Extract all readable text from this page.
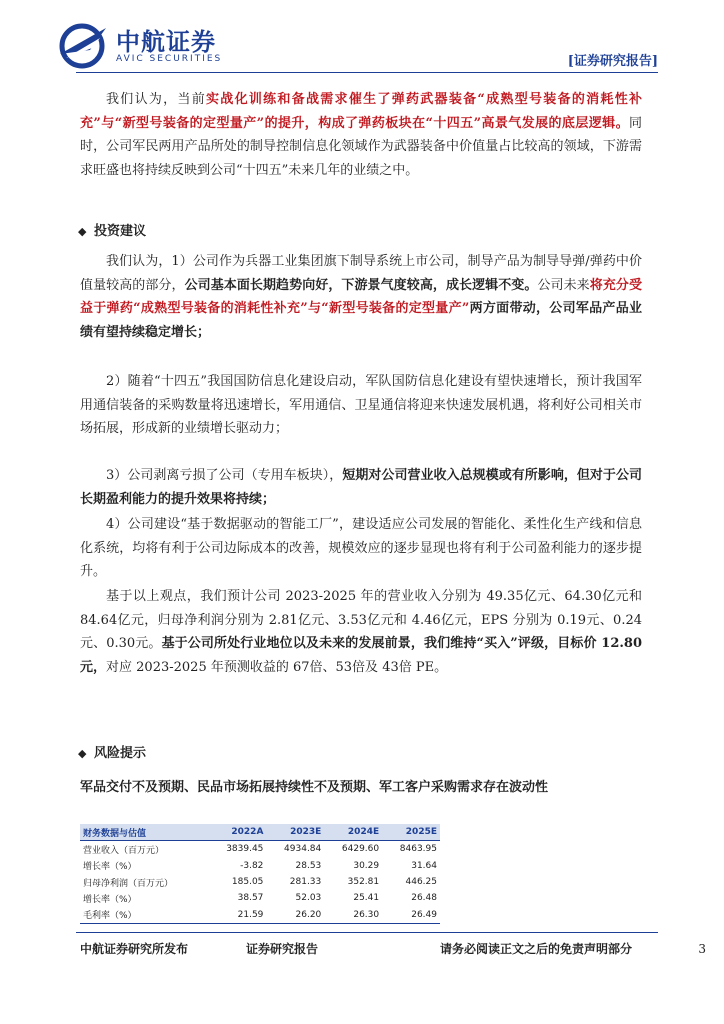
中航证券
AVIC SECURITIES	[证券研究报告]

我们认为，当前实战化训练和备战需求催生了弹药武器装备“成熟型号装备的消耗性补充”与“新型号装备的定型量产”的提升，构成了弹药板块在“十四五”高景气发展的底层逻辑。同时，公司军民两用产品所处的制导控制信息化领域作为武器装备中价值量占比较高的领域，下游需求旺盛也将持续反映到公司“十四五”未来几年的业绩之中。

◆ 投资建议

我们认为，1）公司作为兵器工业集团旗下制导系统上市公司，制导产品为制导导弹/弹药中价值量较高的部分，公司基本面长期趋势向好，下游景气度较高，成长逻辑不变。公司未来将充分受益于弹药“成熟型号装备的消耗性补充”与“新型号装备的定型量产”两方面带动，公司军品产品业绩有望持续稳定增长；

2）随着“十四五”我国国防信息化建设启动，军队国防信息化建设有望快速增长，预计我国军用通信装备的采购数量将迅速增长，军用通信、卫星通信将迎来快速发展机遇，将利好公司相关市场拓展，形成新的业绩增长驱动力；

3）公司剥离亏损了公司（专用车板块），短期对公司营业收入总规模或有所影响，但对于公司长期盈利能力的提升效果将持续；

4）公司建设“基于数据驱动的智能工厂”，建设适应公司发展的智能化、柔性化生产线和信息化系统，均将有利于公司边际成本的改善，规模效应的逐步显现也将有利于公司盈利能力的逐步提升。

基于以上观点，我们预计公司 2023-2025 年的营业收入分别为 49.35亿元、64.30亿元和 84.64亿元，归母净利润分别为 2.81亿元、3.53亿元和 4.46亿元，EPS 分别为 0.19元、0.24元、0.30元。基于公司所处行业地位以及未来的发展前景，我们维持“买入”评级，目标价 12.80元，对应 2023-2025 年预测收益的 67倍、53倍及 43倍 PE。

◆ 风险提示

军品交付不及预期、民品市场拓展持续性不及预期、军工客户采购需求存在波动性

财务数据与估值	2022A	2023E	2024E	2025E
营业收入（百万元）	3839.45	4934.84	6429.60	8463.95
增长率（%）	-3.82	28.53	30.29	31.64
归母净利润（百万元）	185.05	281.33	352.81	446.25
增长率（%）	38.57	52.03	25.41	26.48
毛利率（%）	21.59	26.20	26.30	26.49
中航证券研究所发布	证券研究报告	请务必阅读正文之后的免责声明部分	3
